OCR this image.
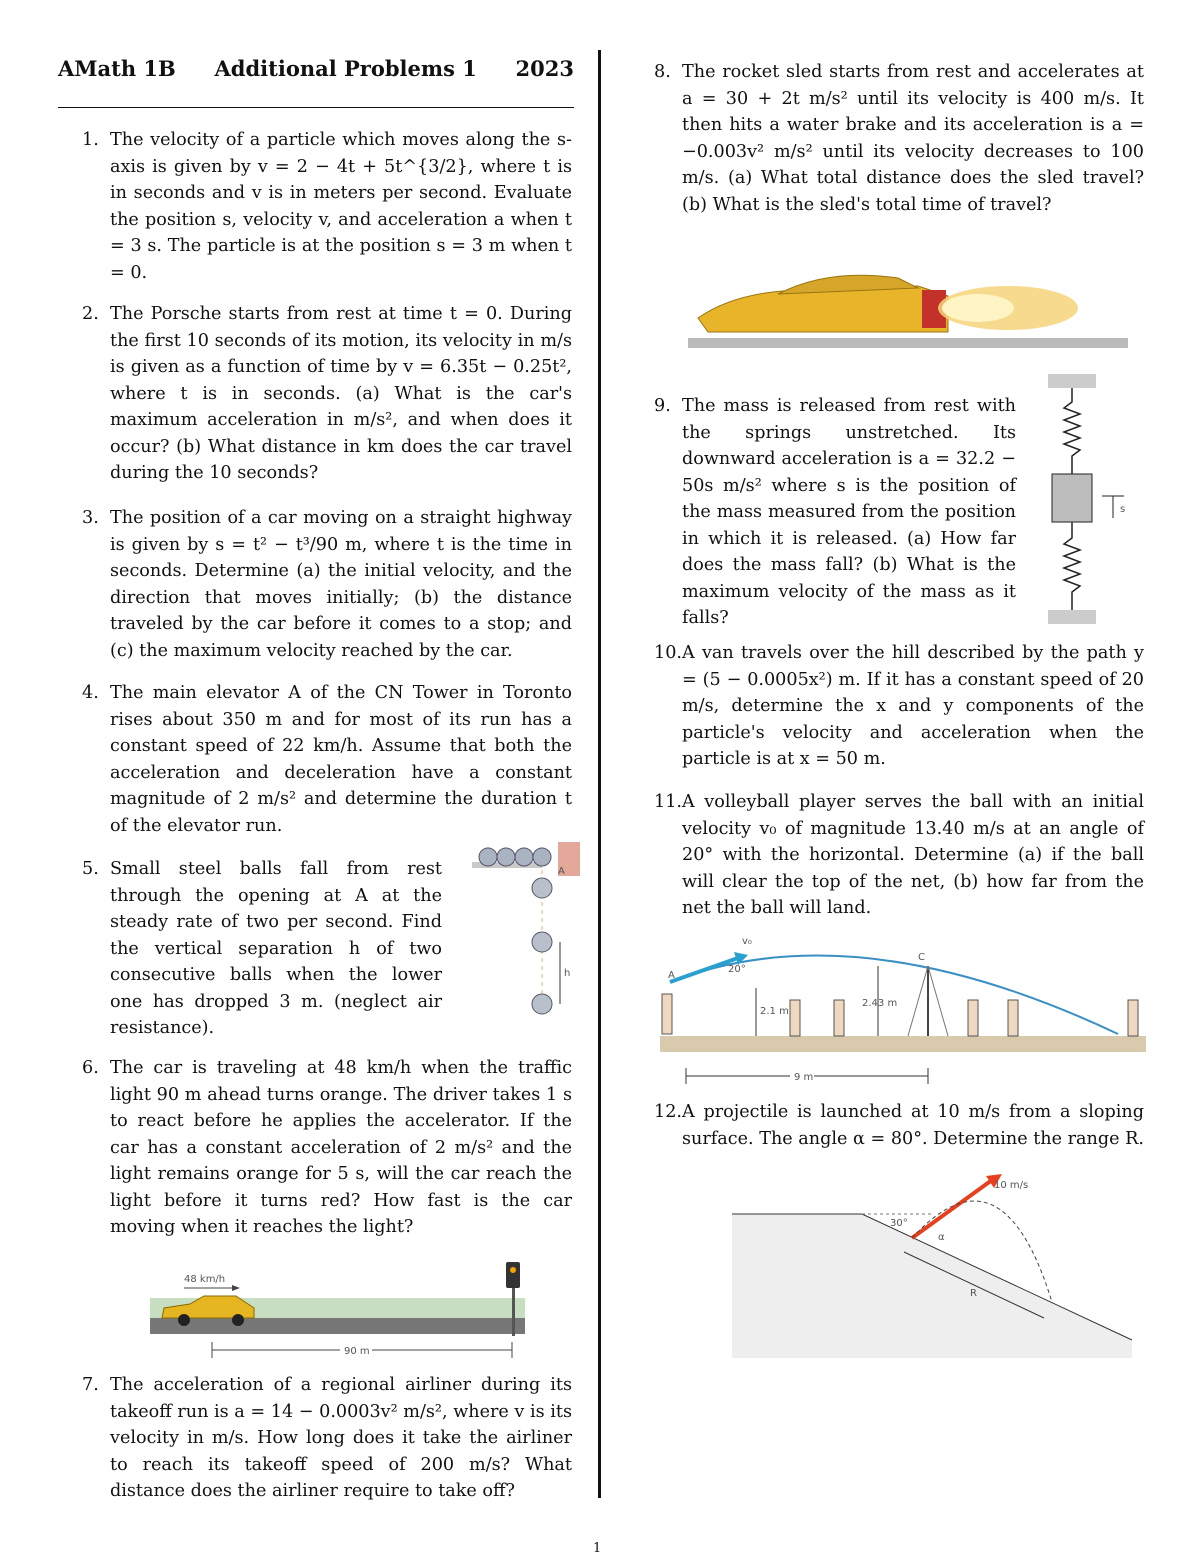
AMath 1B Additional Problems 1 2023
1. The velocity of a particle which moves along the s-axis is given by v = 2 − 4t + 5t^{3/2}, where t is in seconds and v is in meters per second. Evaluate the position s, velocity v, and acceleration a when t = 3 s. The particle is at the position s = 3 m when t = 0.
2. The Porsche starts from rest at time t = 0. During the first 10 seconds of its motion, its velocity in m/s is given as a function of time by v = 6.35t − 0.25t², where t is in seconds. (a) What is the car's maximum acceleration in m/s², and when does it occur? (b) What distance in km does the car travel during the 10 seconds?
3. The position of a car moving on a straight highway is given by s = t² − t³/90 m, where t is the time in seconds. Determine (a) the initial velocity, and the direction that moves initially; (b) the distance traveled by the car before it comes to a stop; and (c) the maximum velocity reached by the car.
4. The main elevator A of the CN Tower in Toronto rises about 350 m and for most of its run has a constant speed of 22 km/h. Assume that both the acceleration and deceleration have a constant magnitude of 2 m/s² and determine the duration t of the elevator run.
5. Small steel balls fall from rest through the opening at A at the steady rate of two per second. Find the vertical separation h of two consecutive balls when the lower one has dropped 3 m. (neglect air resistance).
A
h
6. The car is traveling at 48 km/h when the traffic light 90 m ahead turns orange. The driver takes 1 s to react before he applies the accelerator. If the car has a constant acceleration of 2 m/s² and the light remains orange for 5 s, will the car reach the light before it turns red? How fast is the car moving when it reaches the light?
48 km/h
90 m
7. The acceleration of a regional airliner during its takeoff run is a = 14 − 0.0003v² m/s², where v is its velocity in m/s. How long does it take the airliner to reach its takeoff speed of 200 m/s? What distance does the airliner require to take off?
8. The rocket sled starts from rest and accelerates at a = 30 + 2t m/s² until its velocity is 400 m/s. It then hits a water brake and its acceleration is a = −0.003v² m/s² until its velocity decreases to 100 m/s. (a) What total distance does the sled travel? (b) What is the sled's total time of travel?
9. The mass is released from rest with the springs unstretched. Its downward acceleration is a = 32.2 − 50s m/s² where s is the position of the mass measured from the position in which it is released. (a) How far does the mass fall? (b) What is the maximum velocity of the mass as it falls?
s
10. A van travels over the hill described by the path y = (5 − 0.0005x²) m. If it has a constant speed of 20 m/s, determine the x and y components of the particle's velocity and acceleration when the particle is at x = 50 m.
11. A volleyball player serves the ball with an initial velocity v₀ of magnitude 13.40 m/s at an angle of 20° with the horizontal. Determine (a) if the ball will clear the top of the net, (b) how far from the net the ball will land.
v₀
20°
A
2.1 m
2.43 m
C
9 m
12. A projectile is launched at 10 m/s from a sloping surface. The angle α = 80°. Determine the range R.
30°
10 m/s
α
R
1
